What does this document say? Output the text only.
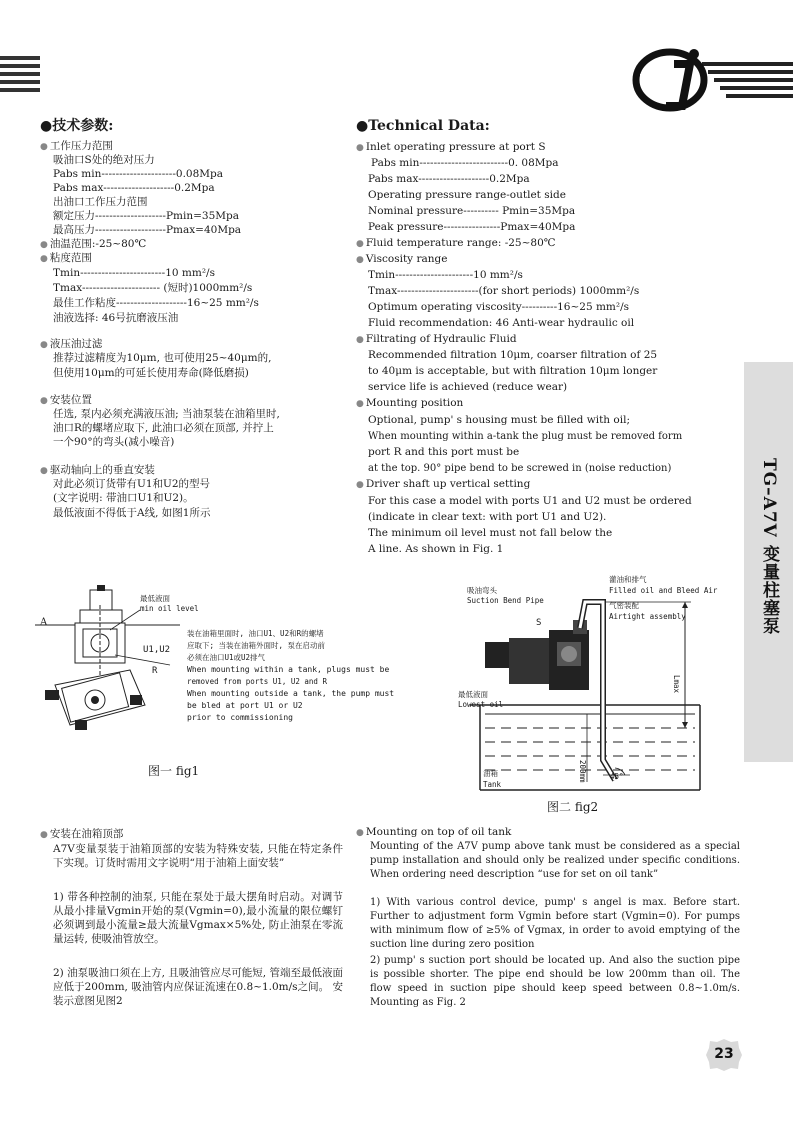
●技术参数:
● 工作压力范围
吸油口S处的绝对压力
Pabs min---------------------0.08Mpa
Pabs max--------------------0.2Mpa
出油口工作压力范围
额定压力--------------------Pmin=35Mpa
最高压力--------------------Pmax=40Mpa
● 油温范围:-25~80℃
● 粘度范围
Tmin------------------------10 mm²/s
Tmax---------------------- (短时)1000mm²/s
最佳工作粘度--------------------16~25 mm²/s
油液选择: 46号抗磨液压油
● 液压油过滤
推荐过滤精度为10μm, 也可使用25~40μm的,
但使用10μm的可延长使用寿命(降低磨损)
● 安装位置
任选, 泵内必须充满液压油; 当油泵装在油箱里时,
油口R的螺堵应取下, 此油口必须在顶部, 并拧上
一个90°的弯头(减小噪音)
● 驱动轴向上的垂直安装
对此必须订货带有U1和U2的型号
(文字说明: 带油口U1和U2)。
最低液面不得低于A线, 如图1所示
●Technical Data:
● Inlet operating pressure at port S
Pabs min-------------------------0. 08Mpa
Pabs max--------------------0.2Mpa
Operating pressure range-outlet side
Nominal pressure---------- Pmin=35Mpa
Peak pressure----------------Pmax=40Mpa
● Fluid temperature range: -25~80℃
● Viscosity range
Tmin----------------------10 mm²/s
Tmax-----------------------(for short periods) 1000mm²/s
Optimum operating viscosity----------16~25 mm²/s
Fluid recommendation: 46 Anti-wear hydraulic oil
● Filtrating of Hydraulic Fluid
Recommended filtration 10μm, coarser filtration of 25
to 40μm is acceptable, but with filtration 10μm longer
service life is achieved (reduce wear)
● Mounting position
Optional, pump' s housing must be filled with oil;
When mounting within a-tank the plug must be removed form
port R and this port must be
at the top. 90° pipe bend to be screwed in (noise reduction)
● Driver shaft up vertical setting
For this case a model with ports U1 and U2 must be ordered
(indicate in clear text: with port U1 and U2).
The minimum oil level must not fall below the
A line. As shown in Fig. 1	TG–A7V 变量柱塞泵
A
最低液面
min oil level
U1,U2
R
装在油箱里面时, 油口U1、U2和R的螺堵
应取下; 当装在油箱外面时, 泵在启动前
必须在油口U1或U2排气
When mounting within a tank, plugs must be
removed from ports U1, U2 and R
When mounting outside a tank, the pump must
be bled at port U1 or U2
prior to commissioning
图一 fig1
吸油弯头
Suction Bend Pipe
灌油和排气
Filled oil and Bleed Air
气密装配
Airtight assembly
S
Lmax
最低液面
Lowest oil
油箱
Tank
200mm	45°
图二 fig2
● 安装在油箱顶部
A7V变量泵装于油箱顶部的安装为特殊安装, 只能在特定条件下实现。订货时需用文字说明“用于油箱上面安装”
1) 带各种控制的油泵, 只能在泵处于最大摆角时启动。对调节从最小排量Vgmin开始的泵(Vgmin=0),最小流量的限位螺钉必须调到最小流量≥最大流量Vgmax×5%处, 防止油泵在零流量运转, 使吸油管放空。
2) 油泵吸油口须在上方, 且吸油管应尽可能短, 管端至最低液面应低于200mm, 吸油管内应保证流速在0.8~1.0m/s之间。 安装示意图见图2
● Mounting on top of oil tank
Mounting of the A7V pump above tank must be considered as a special pump installation and should only be realized under specific conditions. When ordering need description “use for set on oil tank”
1) With various control device, pump' s angel is max. Before start. Further to adjustment form Vgmin before start (Vgmin=0). For pumps with minimum flow of ≥5% of Vgmax, in order to avoid emptying of the suction line during zero position
2) pump' s suction port should be located up. And also the suction pipe is possible shorter. The pipe end should be low 200mm than oil. The flow speed in suction pipe should keep speed between 0.8~1.0m/s. Mounting as Fig. 2
23
